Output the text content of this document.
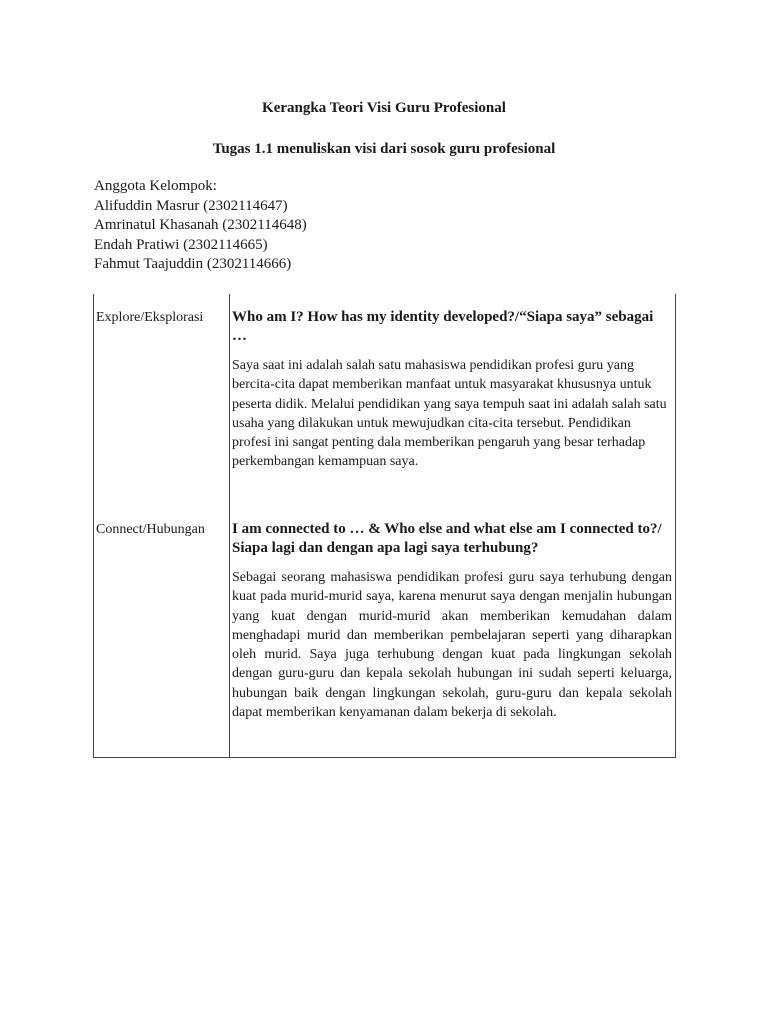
Kerangka Teori Visi Guru Profesional
Tugas 1.1 menuliskan visi dari sosok guru profesional
Anggota Kelompok:
Alifuddin Masrur (2302114647)
Amrinatul Khasanah (2302114648)
Endah Pratiwi (2302114665)
Fahmut Taajuddin (2302114666)
Explore/Eksplorasi Who am I? How has my identity developed?/“Siapa saya” sebagai …

Saya saat ini adalah salah satu mahasiswa pendidikan profesi guru yang bercita-cita dapat memberikan manfaat untuk masyarakat khususnya untuk peserta didik. Melalui pendidikan yang saya tempuh saat ini adalah salah satu usaha yang dilakukan untuk mewujudkan cita-cita tersebut. Pendidikan profesi ini sangat penting dala memberikan pengaruh yang besar terhadap perkembangan kemampuan saya.

Connect/Hubungan I am connected to … & Who else and what else am I connected to?/ Siapa lagi dan dengan apa lagi saya terhubung?

Sebagai seorang mahasiswa pendidikan profesi guru saya terhubung dengan kuat pada murid-murid saya, karena menurut saya dengan menjalin hubungan yang kuat dengan murid-murid akan memberikan kemudahan dalam menghadapi murid dan memberikan pembelajaran seperti yang diharapkan oleh murid. Saya juga terhubung dengan kuat pada lingkungan sekolah dengan guru-guru dan kepala sekolah hubungan ini sudah seperti keluarga, hubungan baik dengan lingkungan sekolah, guru-guru dan kepala sekolah dapat memberikan kenyamanan dalam bekerja di sekolah.
